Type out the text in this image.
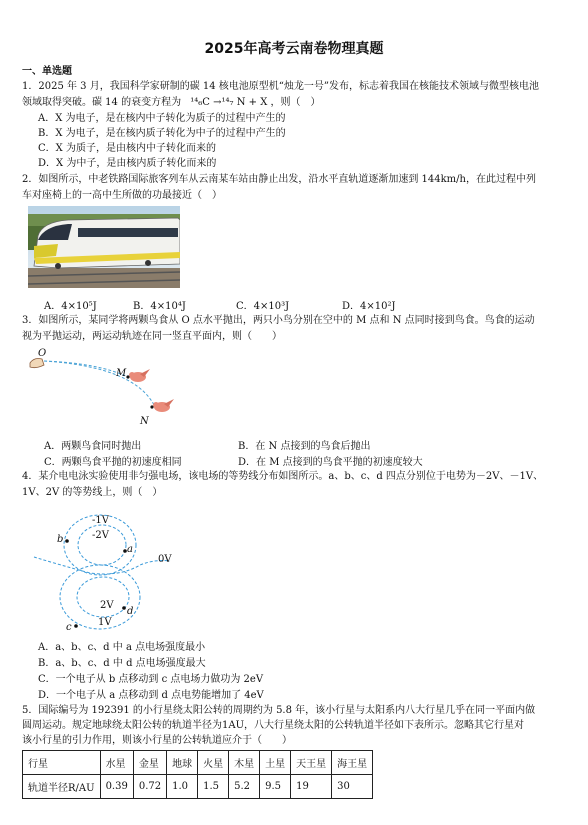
2025年高考云南卷物理真题
一、单选题
1．2025 年 3 月，我国科学家研制的碳 14 核电池原型机“烛龙一号”发布，标志着我国在核能技术领域与微型核电池
领域取得突破。碳 14 的衰变方程为 ¹⁴₆C →¹⁴₇ N + X ，则（　）
A．X 为电子，是在核内中子转化为质子的过程中产生的
B．X 为电子，是在核内质子转化为中子的过程中产生的
C．X 为质子，是由核内中子转化而来的
D．X 为中子，是由核内质子转化而来的
2．如图所示，中老铁路国际旅客列车从云南某车站由静止出发，沿水平直轨道逐渐加速到 144km/h，在此过程中列
车对座椅上的一高中生所做的功最接近（　）
A．4×10⁵J	B．4×10⁴J	C．4×10³J	D．4×10²J
3．如图所示，某同学将两颗鸟食从 O 点水平抛出，两只小鸟分别在空中的 M 点和 N 点同时接到鸟食。鸟食的运动
视为平抛运动，两运动轨迹在同一竖直平面内，则（　　）
O
M
N
A．两颗鸟食同时抛出	B．在 N 点接到的鸟食后抛出
C．两颗鸟食平抛的初速度相同	D．在 M 点接到的鸟食平抛的初速度较大
4．某介电电泳实验使用非匀强电场，该电场的等势线分布如图所示。a、b、c、d 四点分别位于电势为－2V、－1V、
1V、2V 的等势线上，则（　）
-1V
-2V
0V
2V
1V
a
b
c
d
A．a、b、c、d 中 a 点电场强度最小
B．a、b、c、d 中 d 点电场强度最大
C．一个电子从 b 点移动到 c 点电场力做功为 2eV
D．一个电子从 a 点移动到 d 点电势能增加了 4eV
5．国际编号为 192391 的小行星绕太阳公转的周期约为 5.8 年，该小行星与太阳系内八大行星几乎在同一平面内做
圆周运动。规定地球绕太阳公转的轨道半径为1AU，八大行星绕太阳的公转轨道半径如下表所示。忽略其它行星对
该小行星的引力作用，则该小行星的公转轨道应介于（　　）
行星	水星	金星	地球	火星	木星	土星	天王星	海王星
轨道半径R/AU	0.39	0.72	1.0	1.5	5.2	9.5	19	30
